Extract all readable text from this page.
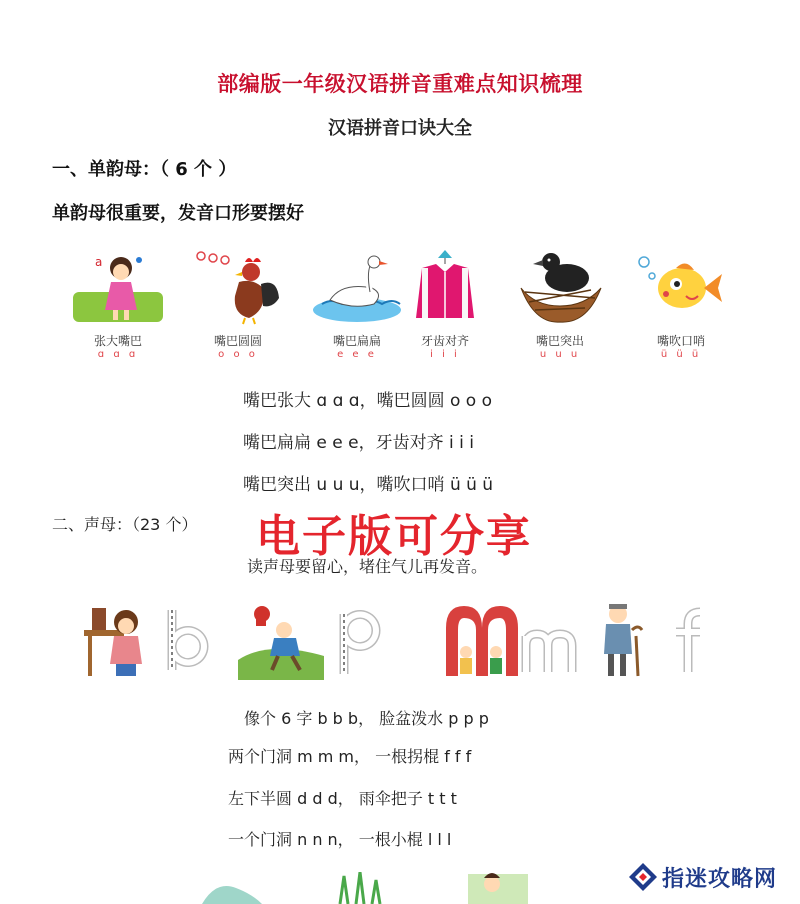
部编版一年级汉语拼音重难点知识梳理
汉语拼音口诀大全
一、单韵母：（ 6 个 ）
单韵母很重要，发音口形要摆好
a
张大嘴巴
ɑ ɑ ɑ
嘴巴圆圆
o o o
嘴巴扁扁
e e e
牙齿对齐
i i i
嘴巴突出
u u u
嘴吹口哨
ü ü ü
嘴巴张大 ɑ ɑ ɑ，嘴巴圆圆 o o o
嘴巴扁扁 e e e，牙齿对齐 i i i
嘴巴突出 u u u，嘴吹口哨 ü ü ü
二、声母：（23 个） 电子版可分享
读声母要留心，堵住气儿再发音。
像个 6 字 b b b， 脸盆泼水 p p p
两个门洞 m m m， 一根拐棍 f f f
左下半圆 d d d， 雨伞把子 t t t
一个门洞 n n n， 一根小棍 l l l
指迷攻略网
